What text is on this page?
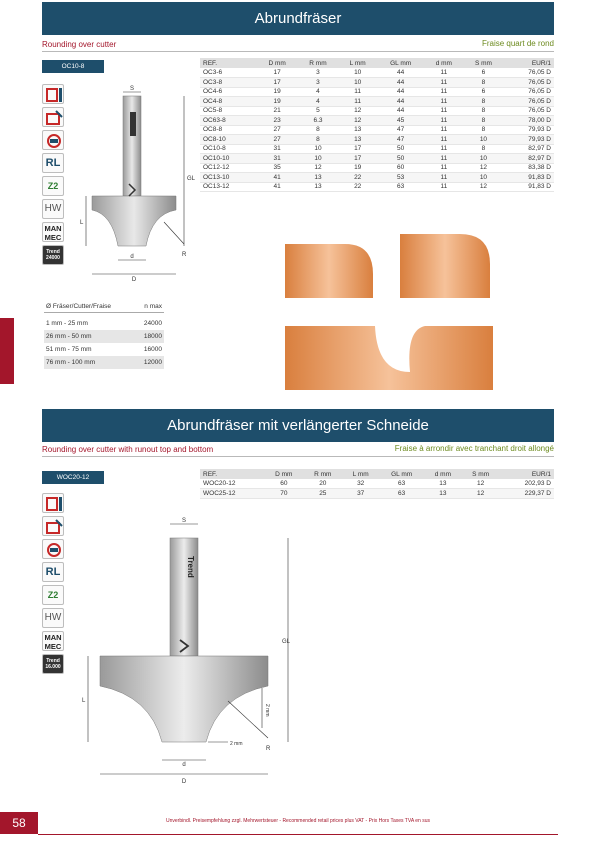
Abrundfräser
Rounding over cutter	Fraise quart de rond
OC10-8
RL
Z2
HW
MAN MEC
Trend 24000
S
GL
L
R
d
D
REF.	D mm	R mm	L mm	GL mm	d mm	S mm	EUR/1
OC3-6	17	3	10	44	11	6	76,05 D
OC3-8	17	3	10	44	11	8	76,05 D
OC4-6	19	4	11	44	11	6	76,05 D
OC4-8	19	4	11	44	11	8	76,05 D
OC5-8	21	5	12	44	11	8	76,05 D
OC63-8	23	6.3	12	45	11	8	78,00 D
OC8-8	27	8	13	47	11	8	79,93 D
OC8-10	27	8	13	47	11	10	79,93 D
OC10-8	31	10	17	50	11	8	82,97 D
OC10-10	31	10	17	50	11	10	82,97 D
OC12-12	35	12	19	60	11	12	83,38 D
OC13-10	41	13	22	53	11	10	91,83 D
OC13-12	41	13	22	63	11	12	91,83 D
Ø Fräser/Cutter/Fraise	n max
1 mm - 25 mm	24000
26 mm - 50 mm	18000
51 mm - 75 mm	16000
76 mm - 100 mm	12000
Abrundfräser mit verlängerter Schneide
Rounding over cutter with runout top and bottom	Fraise à arrondir avec tranchant droit allongé
WOC20-12
RL
Z2
HW
MAN MEC
Trend 16.000
REF.	D mm	R mm	L mm	GL mm	d mm	S mm	EUR/1
WOC20-12	60	20	32	63	13	12	202,93 D
WOC25-12	70	25	37	63	13	12	229,37 D
Trend
S
GL
L
R
d
D
2 mm
2 mm
58	Unverbindl. Preisempfehlung zzgl. Mehrwertsteuer - Recommended retail prices plus VAT - Prix Hors Taxes TVA en sus
